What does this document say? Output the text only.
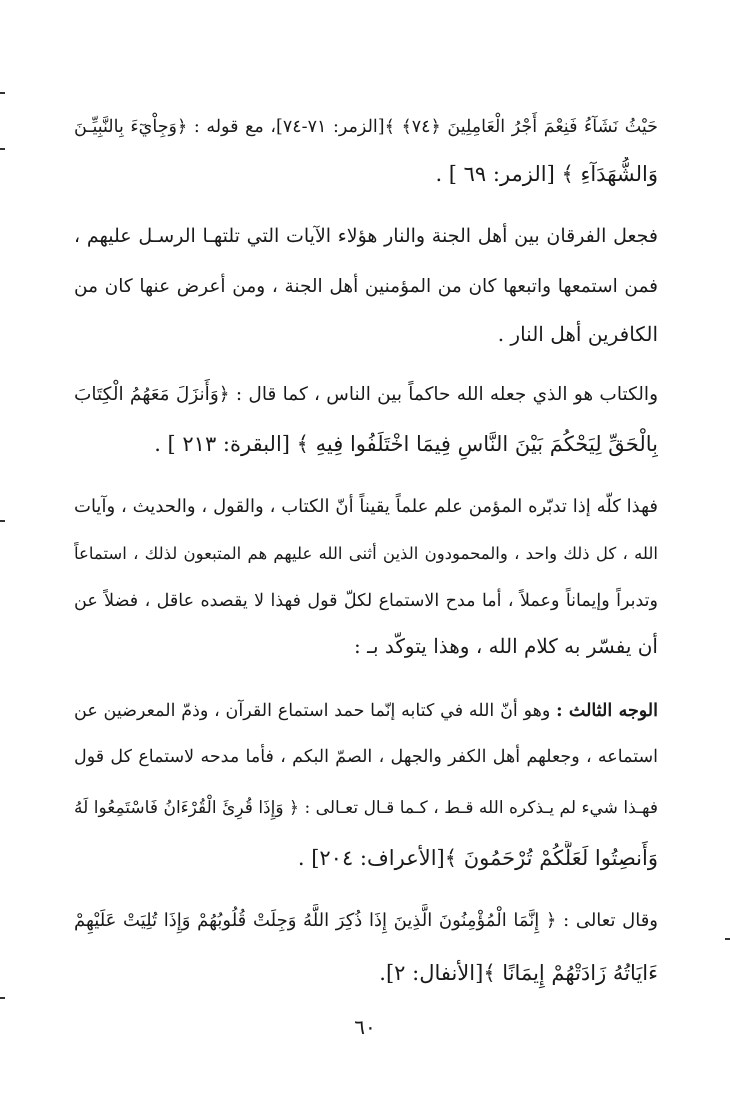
حَيْثُ نَشَآءُ فَنِعْمَ أَجْرُ الْعَامِلِينَ ﴿٧٤﴾ ﴾[الزمر: ٧١-٧٤]، مع قوله : ﴿وَجِاْيٓءَ بِالنَّبِيِّـنَ
وَالشُّهَدَآءِ ﴾ [الزمر: ٦٩ ] .
فجعل الفرقان بين أهل الجنة والنار هؤلاء الآيات التي تلتهـا الرسـل عليهم ،
فمن استمعها واتبعها كان من المؤمنين أهل الجنة ، ومن أعرض عنها كان من
الكافرين أهل النار .
والكتاب هو الذي جعله الله حاكماً بين الناس ، كما قال : ﴿وَأَنزَلَ مَعَهُمُ الْكِتَابَ
بِالْحَقِّ لِيَحْكُمَ بَيْنَ النَّاسِ فِيمَا اخْتَلَفُوا فِيهِ ﴾ [البقرة: ٢١٣ ] .
فهذا كلّه إذا تدبّره المؤمن علم علماً يقيناً أنّ الكتاب ، والقول ، والحديث ، وآيات
الله ، كل ذلك واحد ، والمحمودون الذين أثنى الله عليهم هم المتبعون لذلك ، استماعاً
وتدبراً وإيماناً وعملاً ، أما مدح الاستماع لكلّ قول فهذا لا يقصده عاقل ، فضلاً عن
أن يفسّر به كلام الله ، وهذا يتوكّد بـ :
الوجه الثالث : وهو أنّ الله في كتابه إنّما حمد استماع القرآن ، وذمّ المعرضين عن
استماعه ، وجعلهم أهل الكفر والجهل ، الصمّ البكم ، فأما مدحه لاستماع كل قول
فهـذا شيء لم يـذكره الله قـط ، كـما قـال تعـالى : ﴿ وَإِذَا قُرِئَ الْقُرْءَانُ فَاسْتَمِعُوا لَهُ
وَأَنصِتُوا لَعَلَّكُمْ تُرْحَمُونَ ﴾[الأعراف: ٢٠٤] .
وقال تعالى : ﴿ إِنَّمَا الْمُؤْمِنُونَ الَّذِينَ إِذَا ذُكِرَ اللَّهُ وَجِلَتْ قُلُوبُهُمْ وَإِذَا تُلِيَتْ عَلَيْهِمْ
ءَايَاتُهُ زَادَتْهُمْ إِيمَانًا ﴾[الأنفال: ٢].
٦٠
